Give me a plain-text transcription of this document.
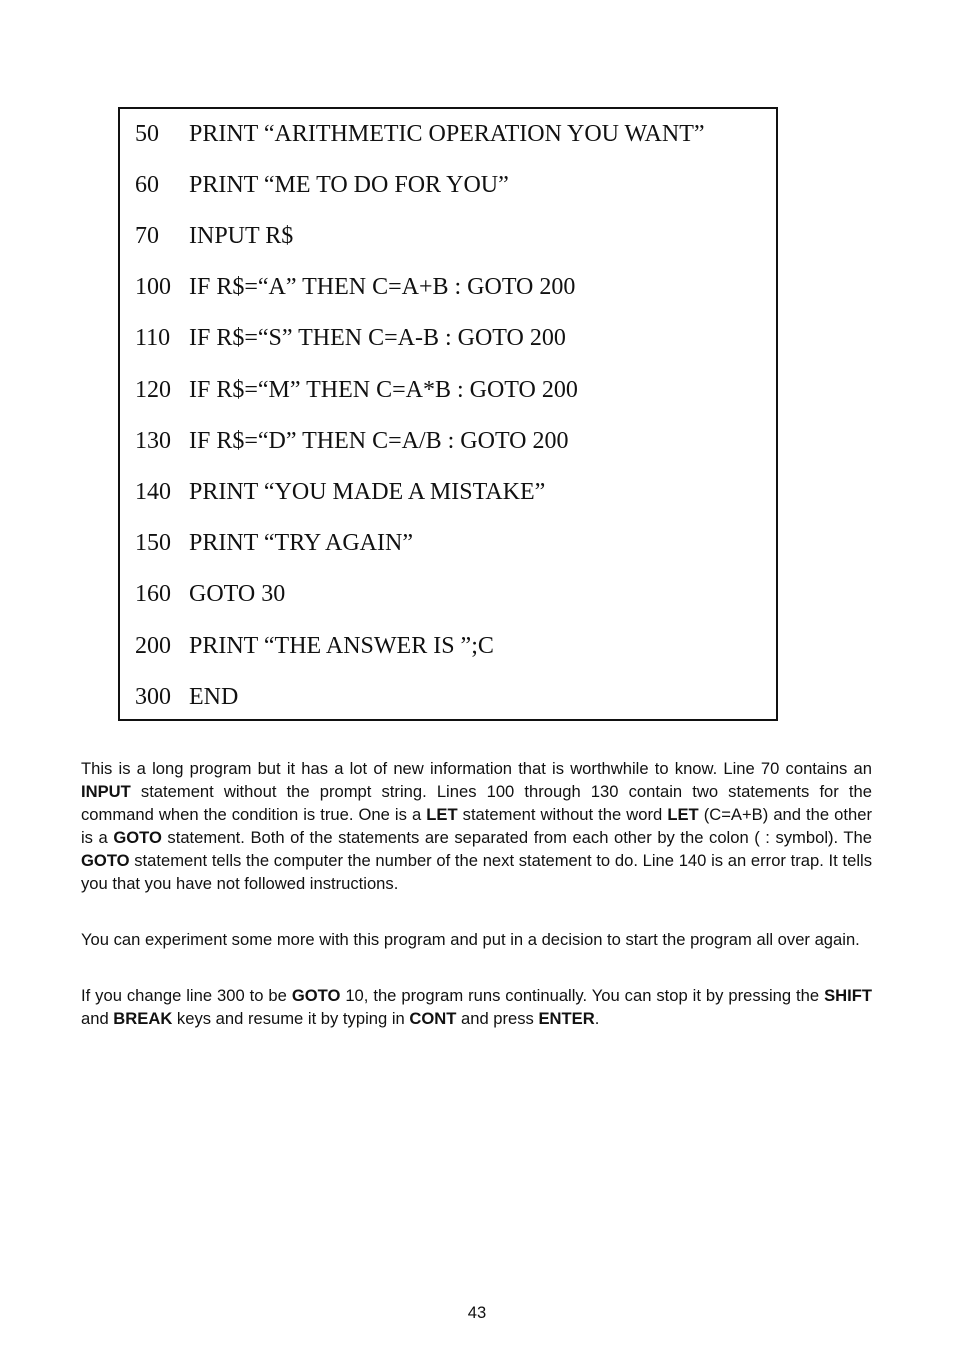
50 PRINT “ARITHMETIC OPERATION YOU WANT”
60 PRINT “ME TO DO FOR YOU”
70 INPUT R$
100 IF R$=“A” THEN C=A+B : GOTO 200
110 IF R$=“S” THEN C=A-B : GOTO 200
120 IF R$=“M” THEN C=A*B : GOTO 200
130 IF R$=“D” THEN C=A/B : GOTO 200
140 PRINT “YOU MADE A MISTAKE”
150 PRINT “TRY AGAIN”
160 GOTO 30
200 PRINT “THE ANSWER IS ”;C
300 END

This is a long program but it has a lot of new information that is worthwhile to know. Line 70 contains an INPUT statement without the prompt string. Lines 100 through 130 contain two statements for the command when the condition is true. One is a LET statement without the word LET (C=A+B) and the other is a GOTO statement. Both of the statements are separated from each other by the colon ( : symbol). The GOTO statement tells the computer the number of the next statement to do. Line 140 is an error trap. It tells you that you have not followed instructions.

You can experiment some more with this program and put in a decision to start the program all over again.

If you change line 300 to be GOTO 10, the program runs continually. You can stop it by pressing the SHIFT and BREAK keys and resume it by typing in CONT and press ENTER.

43
